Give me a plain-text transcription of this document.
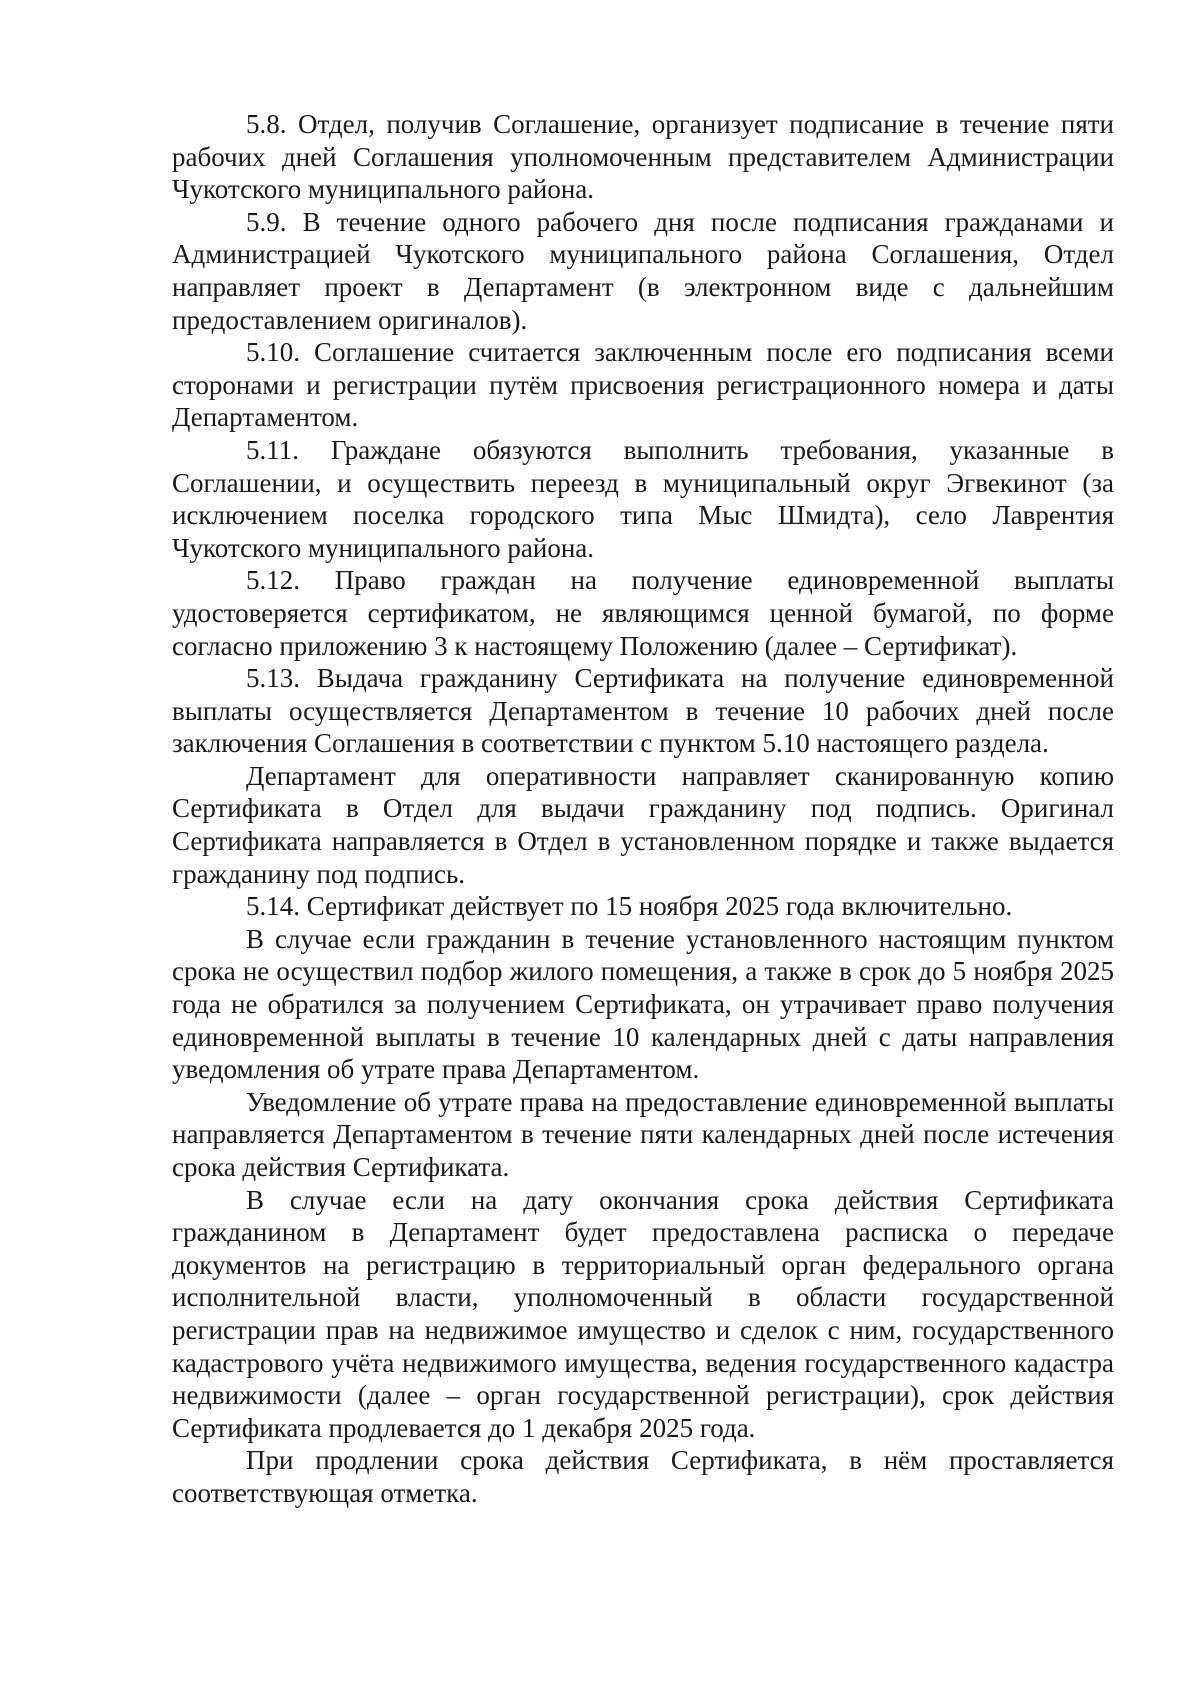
5.8. Отдел, получив Соглашение, организует подписание в течение пяти рабочих дней Соглашения уполномоченным представителем Администрации Чукотского муниципального района.

5.9. В течение одного рабочего дня после подписания гражданами и Администрацией Чукотского муниципального района Соглашения, Отдел направляет проект в Департамент (в электронном виде с дальнейшим предоставлением оригиналов).

5.10. Соглашение считается заключенным после его подписания всеми сторонами и регистрации путём присвоения регистрационного номера и даты Департаментом.

5.11. Граждане обязуются выполнить требования, указанные в Соглашении, и осуществить переезд в муниципальный округ Эгвекинот (за исключением поселка городского типа Мыс Шмидта), село Лаврентия Чукотского муниципального района.

5.12. Право граждан на получение единовременной выплаты удостоверяется сертификатом, не являющимся ценной бумагой, по форме согласно приложению 3 к настоящему Положению (далее – Сертификат).

5.13. Выдача гражданину Сертификата на получение единовременной выплаты осуществляется Департаментом в течение 10 рабочих дней после заключения Соглашения в соответствии с пунктом 5.10 настоящего раздела.

Департамент для оперативности направляет сканированную копию Сертификата в Отдел для выдачи гражданину под подпись. Оригинал Сертификата направляется в Отдел в установленном порядке и также выдается гражданину под подпись.

5.14. Сертификат действует по 15 ноября 2025 года включительно.

В случае если гражданин в течение установленного настоящим пунктом срока не осуществил подбор жилого помещения, а также в срок до 5 ноября 2025 года не обратился за получением Сертификата, он утрачивает право получения единовременной выплаты в течение 10 календарных дней с даты направления уведомления об утрате права Департаментом.

Уведомление об утрате права на предоставление единовременной выплаты направляется Департаментом в течение пяти календарных дней после истечения срока действия Сертификата.

В случае если на дату окончания срока действия Сертификата гражданином в Департамент будет предоставлена расписка о передаче документов на регистрацию в территориальный орган федерального органа исполнительной власти, уполномоченный в области государственной регистрации прав на недвижимое имущество и сделок с ним, государственного кадастрового учёта недвижимого имущества, ведения государственного кадастра недвижимости (далее – орган государственной регистрации), срок действия Сертификата продлевается до 1 декабря 2025 года.

При продлении срока действия Сертификата, в нём проставляется соответствующая отметка.
